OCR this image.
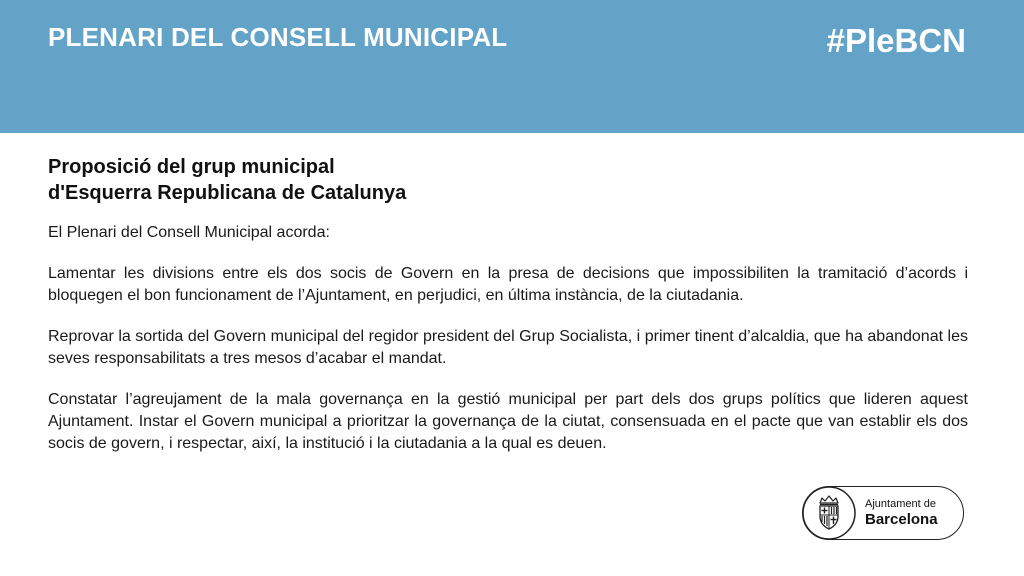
PLENARI DEL CONSELL MUNICIPAL	#PleBCN
Proposició del grup municipal
d'Esquerra Republicana de Catalunya

El Plenari del Consell Municipal acorda:

Lamentar les divisions entre els dos socis de Govern en la presa de decisions que impossibiliten la tramitació d’acords i bloquegen el bon funcionament de l’Ajuntament, en perjudici, en última instància, de la ciutadania.

Reprovar la sortida del Govern municipal del regidor president del Grup Socialista, i primer tinent d’alcaldia, que ha abandonat les seves responsabilitats a tres mesos d’acabar el mandat.

Constatar l’agreujament de la mala governança en la gestió municipal per part dels dos grups polítics que lideren aquest Ajuntament. Instar el Govern municipal a prioritzar la governança de la ciutat, consensuada en el pacte que van establir els dos socis de govern, i respectar, així, la institució i la ciutadania a la qual es deuen.

Ajuntament de
Barcelona
